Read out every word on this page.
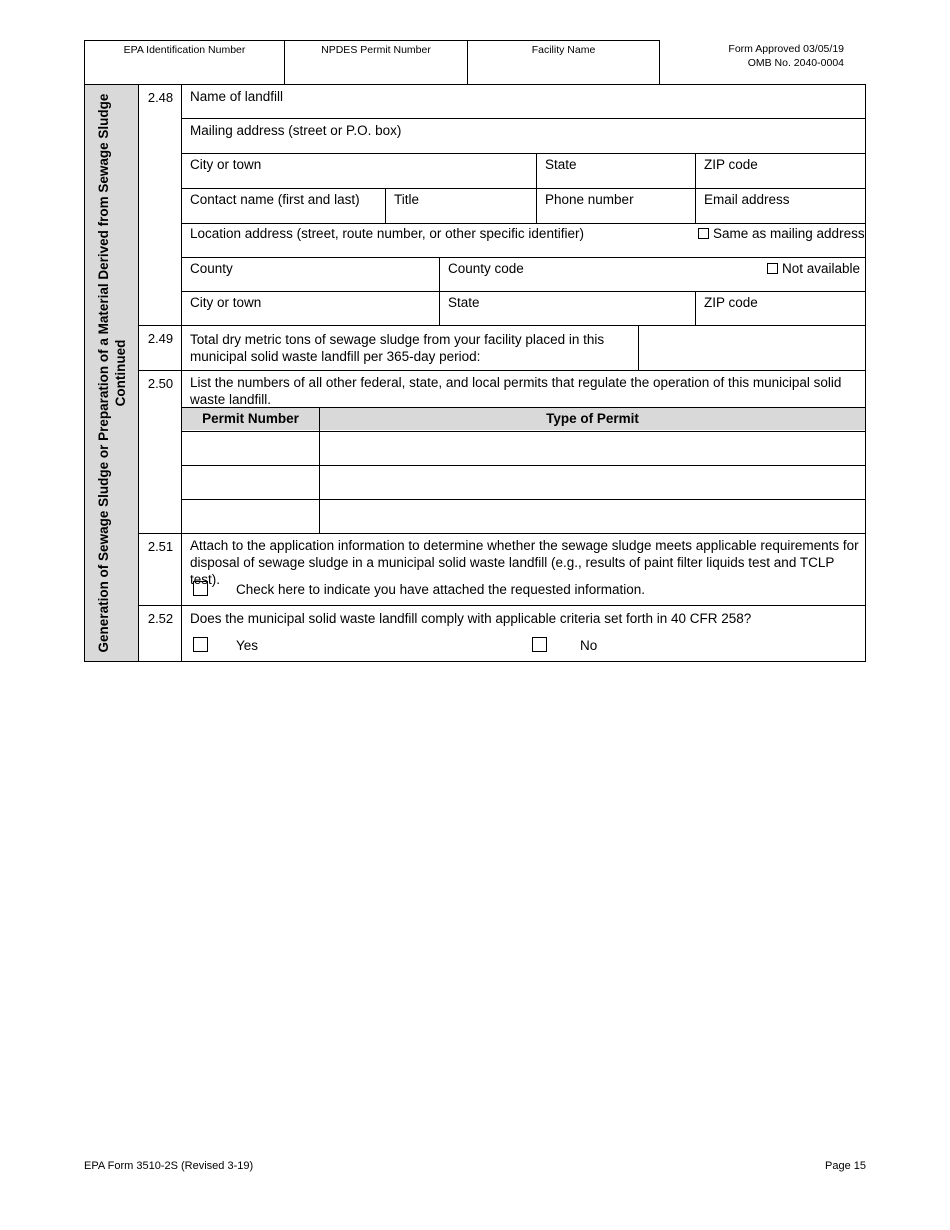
EPA Identification Number	NPDES Permit Number	Facility Name	Form Approved 03/05/19
OMB No. 2040-0004
Generation of Sewage Sludge or Preparation of a Material Derived from Sewage Sludge Continued
2.48	Name of landfill
Mailing address (street or P.O. box)
City or town	State	ZIP code
Contact name (first and last)	Title	Phone number	Email address
Location address (street, route number, or other specific identifier)	Same as mailing address
County	County code	Not available
City or town	State	ZIP code
2.49	Total dry metric tons of sewage sludge from your facility placed in this municipal solid waste landfill per 365-day period:
2.50	List the numbers of all other federal, state, and local permits that regulate the operation of this municipal solid waste landfill.
Permit Number	Type of Permit
2.51	Attach to the application information to determine whether the sewage sludge meets applicable requirements for disposal of sewage sludge in a municipal solid waste landfill (e.g., results of paint filter liquids test and TCLP test).
Check here to indicate you have attached the requested information.
2.52	Does the municipal solid waste landfill comply with applicable criteria set forth in 40 CFR 258?
Yes	No
EPA Form 3510-2S (Revised 3-19)	Page 15
